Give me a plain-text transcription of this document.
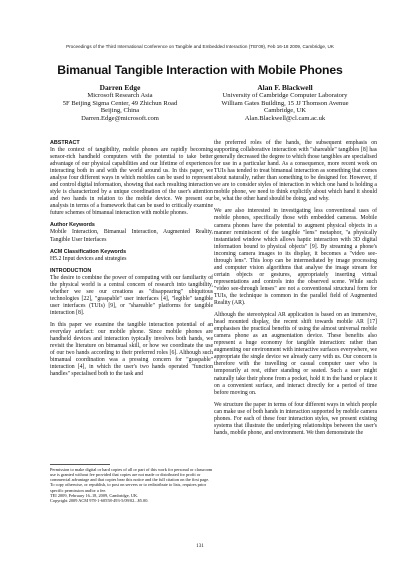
Proceedings of the Third International Conference on Tangible and Embedded Interaction (TEI'09), Feb 16-18 2009, Cambridge, UK
Bimanual Tangible Interaction with Mobile Phones
Darren Edge
Microsoft Research Asia
5F Beijing Sigma Center, 49 Zhichun Road
Beijing, China
Darren.Edge@microsoft.com
Alan F. Blackwell
University of Cambridge Computer Laboratory
William Gates Building, 15 JJ Thomson Avenue
Cambridge, UK
Alan.Blackwell@cl.cam.ac.uk
ABSTRACT
In the context of tangibility, mobile phones are rapidly becoming sensor-rich handheld computers with the potential to take better advantage of our physical capabilities and our lifetime of experiences interacting both in and with the world around us. In this paper, we analyse four different ways in which mobiles can be used to represent and control digital information, showing that each resulting interaction style is characterized by a unique coordination of the user's attention and two hands in relation to the mobile device. We present our analysis in terms of a framework that can be used to critically examine future schemes of bimanual interaction with mobile phones.
Author Keywords
Mobile Interaction, Bimanual Interaction, Augmented Reality, Tangible User Interfaces
ACM Classification Keywords
H5.2 Input devices and strategies
INTRODUCTION
The desire to combine the power of computing with our familiarity of the physical world is a central concern of research into tangibility, whether we see our creations as "disappearing" ubiquitous technologies [22], "graspable" user interfaces [4], "legible" tangible user interfaces (TUIs) [9], or "shareable" platforms for tangible interaction [8].
In this paper we examine the tangible interaction potential of an everyday artefact: our mobile phone. Since mobile phones are handheld devices and interaction typically involves both hands, we revisit the literature on bimanual skill, or how we coordinate the use of our two hands according to their preferred roles [6]. Although such bimanual coordination was a pressing concern for "graspable" interaction [4], in which the user's two hands operated "function handles" specialised both to the task and
the preferred roles of the hands, the subsequent emphasis on supporting collaborative interaction with "shareable" tangibles [8] has generally decreased the degree to which those tangibles are specialised for use in a particular hand. As a consequence, more recent work on TUIs has tended to treat bimanual interaction as something that comes about naturally, rather than something to be designed for. However, if we are to consider styles of interaction in which one hand is holding a mobile phone, we need to think explicitly about which hand it should be, what the other hand should be doing, and why.
We are also interested in investigating less conventional uses of mobile phones, specifically those with embedded cameras. Mobile camera phones have the potential to augment physical objects in a manner reminiscent of the tangible "lens" metaphor, "a physically instantiated window which allows haptic interaction with 3D digital information bound to physical objects" [9]. By streaming a phone's incoming camera images to its display, it becomes a "video see-through lens". This loop can be intermediated by image processing and computer vision algorithms that analyse the image stream for certain objects or gestures, appropriately inserting virtual representations and controls into the observed scene. While such "video see-through lenses" are not a conventional structural form for TUIs, the technique is common in the parallel field of Augmented Reality (AR).
Although the stereotypical AR application is based on an immersive, head mounted display, the recent shift towards mobile AR [17] emphasises the practical benefits of using the almost universal mobile camera phone as an augmentation device. These benefits also represent a huge economy for tangible interaction: rather than augmenting our environment with interactive surfaces everywhere, we appropriate the single device we already carry with us. Our concern is therefore with the travelling or casual computer user who is temporarily at rest, either standing or seated. Such a user might naturally take their phone from a pocket, hold it in the hand or place it on a convenient surface, and interact directly for a period of time before moving on.
We structure the paper in terms of four different ways in which people can make use of both hands in interaction supported by mobile camera phones. For each of these four interaction styles, we present existing systems that illustrate the underlying relationships between the user's hands, mobile phone, and environment. We then demonstrate the
Permission to make digital or hard copies of all or part of this work for personal or classroom use is granted without fee provided that copies are not made or distributed for profit or commercial advantage and that copies bear this notice and the full citation on the first page. To copy otherwise, or republish, to post on servers or to redistribute to lists, requires prior specific permission and/or a fee.
TEI 2009, February 16–18, 2009, Cambridge, UK.
Copyright 2009 ACM 978-1-60558-493-5/09/02...$5.00.
131
